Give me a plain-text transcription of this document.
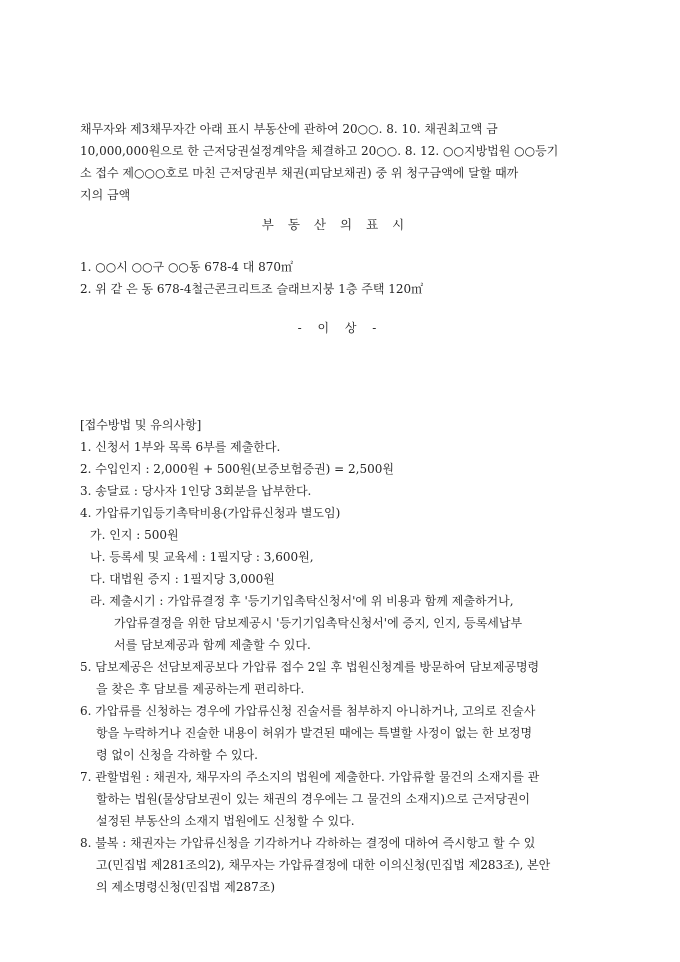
채무자와 제3채무자간 아래 표시 부동산에 관하여 20○○. 8. 10. 채권최고액 금

10,000,000원으로 한 근저당권설정계약을 체결하고 20○○. 8. 12. ○○지방법원 ○○등기

소 접수 제○○○호로 마친 근저당권부 채권(피담보채권) 중 위 청구금액에 달할 때까

지의 금액

부동산의표시
1. ○○시 ○○구 ○○동 678-4 대 870㎡
2. 위 같 은 동 678-4철근콘크리트조 슬래브지붕 1층 주택 120㎡
- 이 상 -
[접수방법 및 유의사항]
1. 신청서 1부와 목록 6부를 제출한다.
2. 수입인지 : 2,000원 + 500원(보증보험증권) = 2,500원
3. 송달료 : 당사자 1인당 3회분을 납부한다.
4. 가압류기입등기촉탁비용(가압류신청과 별도임)
가. 인지 : 500원
나. 등록세 및 교육세 : 1필지당 : 3,600원,
다. 대법원 증지 : 1필지당 3,000원
라. 제출시기 : 가압류결정 후 '등기기입촉탁신청서'에 위 비용과 함께 제출하거나,
가압류결정을 위한 담보제공시 '등기기입촉탁신청서'에 증지, 인지, 등록세납부
서를 담보제공과 함께 제출할 수 있다.
5. 담보제공은 선담보제공보다 가압류 접수 2일 후 법원신청계를 방문하여 담보제공명령
을 찾은 후 담보를 제공하는게 편리하다.
6. 가압류를 신청하는 경우에 가압류신청 진술서를 첨부하지 아니하거나, 고의로 진술사
항을 누락하거나 진술한 내용이 허위가 발견된 때에는 특별할 사정이 없는 한 보정명
령 없이 신청을 각하할 수 있다.
7. 관할법원 : 채권자, 채무자의 주소지의 법원에 제출한다. 가압류할 물건의 소재지를 관
할하는 법원(물상담보권이 있는 채권의 경우에는 그 물건의 소재지)으로 근저당권이
설정된 부동산의 소재지 법원에도 신청할 수 있다.
8. 불복 : 채권자는 가압류신청을 기각하거나 각하하는 결정에 대하여 즉시항고 할 수 있
고(민집법 제281조의2), 채무자는 가압류결정에 대한 이의신청(민집법 제283조), 본안
의 제소명령신청(민집법 제287조)
